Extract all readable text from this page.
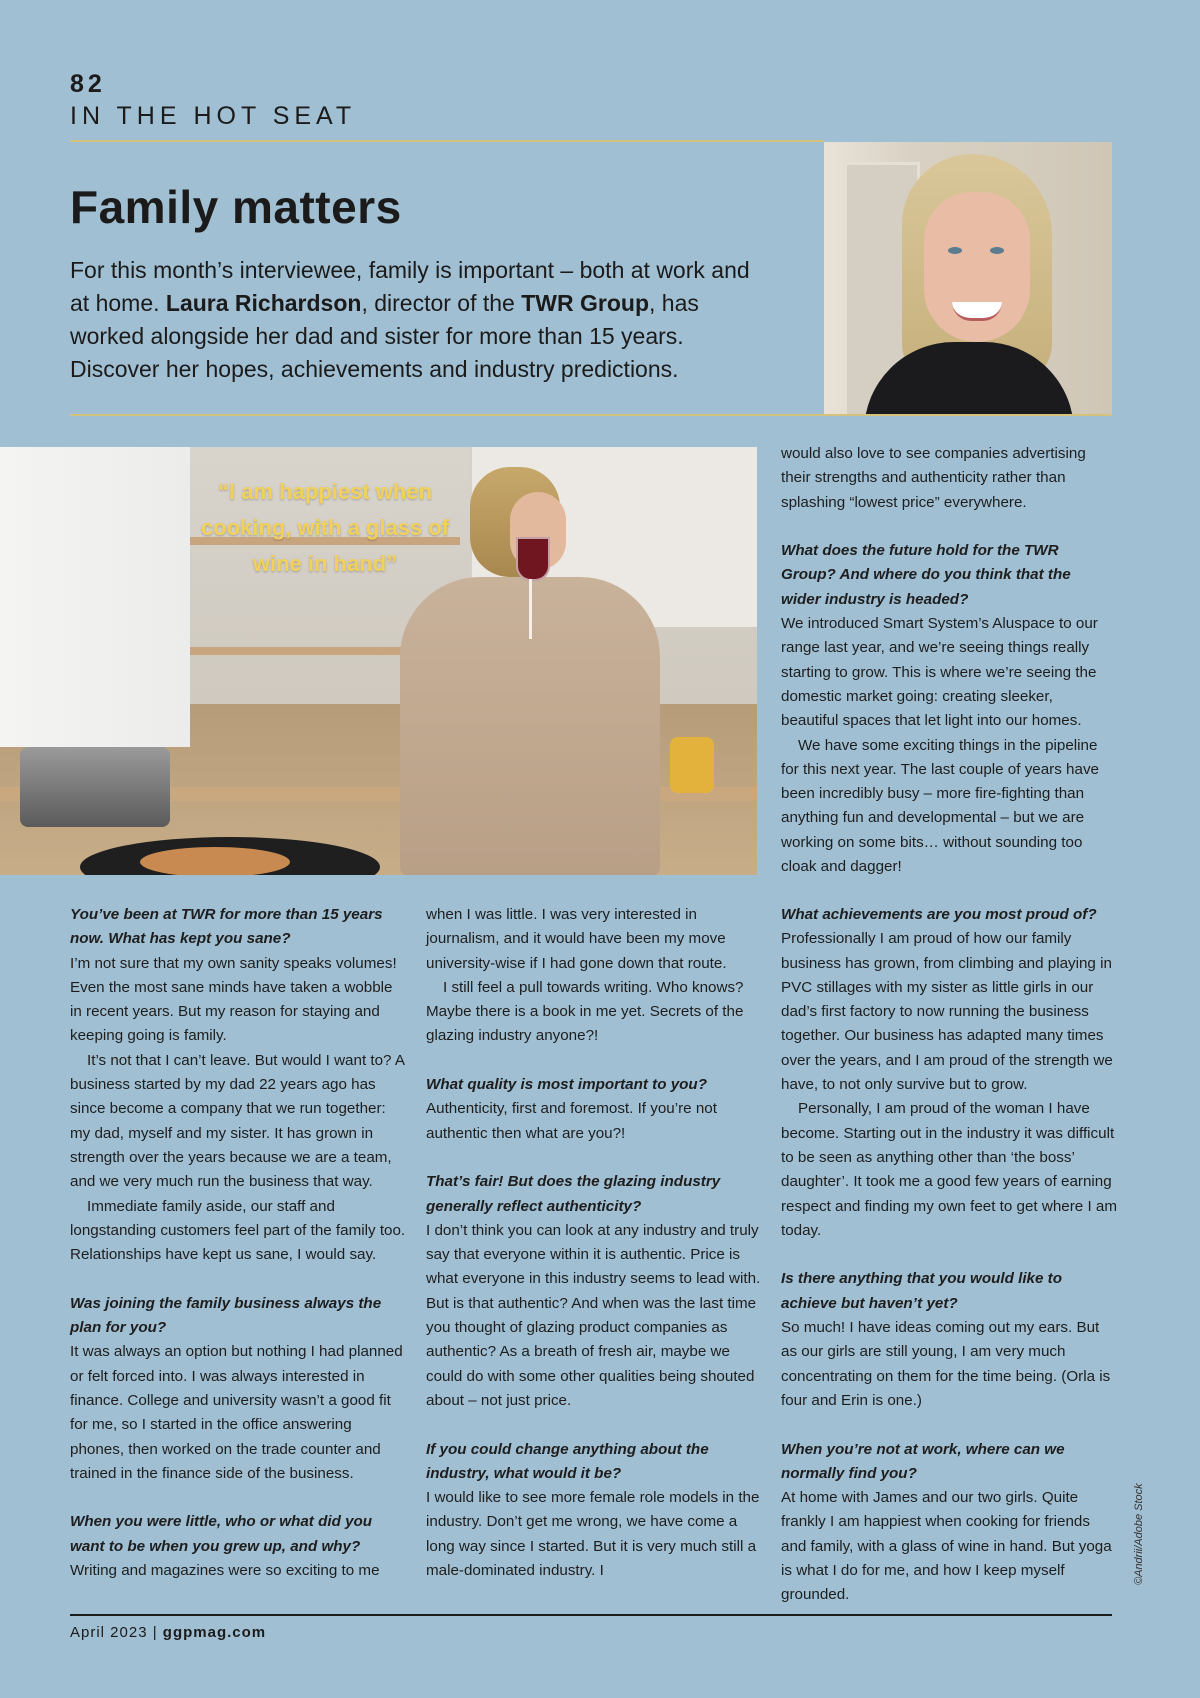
82
IN THE HOT SEAT
Family matters

For this month’s interviewee, family is important – both at work and at home. Laura Richardson, director of the TWR Group, has worked alongside her dad and sister for more than 15 years. Discover her hopes, achievements and industry predictions.

“I am happiest when cooking, with a glass of wine in hand”

would also love to see companies advertising their strengths and authenticity rather than splashing “lowest price” everywhere.

What does the future hold for the TWR Group? And where do you think that the wider industry is headed?

We introduced Smart System’s Aluspace to our range last year, and we’re seeing things really starting to grow. This is where we’re seeing the domestic market going: creating sleeker, beautiful spaces that let light into our homes.

We have some exciting things in the pipeline for this next year. The last couple of years have been incredibly busy – more fire-fighting than anything fun and developmental – but we are working on some bits… without sounding too cloak and dagger!

You’ve been at TWR for more than 15 years now. What has kept you sane?

I’m not sure that my own sanity speaks volumes! Even the most sane minds have taken a wobble in recent years. But my reason for staying and keeping going is family.

It’s not that I can’t leave. But would I want to? A business started by my dad 22 years ago has since become a company that we run together: my dad, myself and my sister. It has grown in strength over the years because we are a team, and we very much run the business that way.

Immediate family aside, our staff and longstanding customers feel part of the family too. Relationships have kept us sane, I would say.

Was joining the family business always the plan for you?

It was always an option but nothing I had planned or felt forced into. I was always interested in finance. College and university wasn’t a good fit for me, so I started in the office answering phones, then worked on the trade counter and trained in the finance side of the business.

When you were little, who or what did you want to be when you grew up, and why?

Writing and magazines were so exciting to me

when I was little. I was very interested in journalism, and it would have been my move university-wise if I had gone down that route.

I still feel a pull towards writing. Who knows? Maybe there is a book in me yet. Secrets of the glazing industry anyone?!

What quality is most important to you?

Authenticity, first and foremost. If you’re not authentic then what are you?!

That’s fair! But does the glazing industry generally reflect authenticity?

I don’t think you can look at any industry and truly say that everyone within it is authentic. Price is what everyone in this industry seems to lead with. But is that authentic? And when was the last time you thought of glazing product companies as authentic? As a breath of fresh air, maybe we could do with some other qualities being shouted about – not just price.

If you could change anything about the industry, what would it be?

I would like to see more female role models in the industry. Don’t get me wrong, we have come a long way since I started. But it is very much still a male-dominated industry. I

What achievements are you most proud of?

Professionally I am proud of how our family business has grown, from climbing and playing in PVC stillages with my sister as little girls in our dad’s first factory to now running the business together. Our business has adapted many times over the years, and I am proud of the strength we have, to not only survive but to grow.

Personally, I am proud of the woman I have become. Starting out in the industry it was difficult to be seen as anything other than ‘the boss’ daughter’. It took me a good few years of earning respect and finding my own feet to get where I am today.

Is there anything that you would like to achieve but haven’t yet?

So much! I have ideas coming out my ears. But as our girls are still young, I am very much concentrating on them for the time being. (Orla is four and Erin is one.)

When you’re not at work, where can we normally find you?

At home with James and our two girls. Quite frankly I am happiest when cooking for friends and family, with a glass of wine in hand. But yoga is what I do for me, and how I keep myself grounded.

©Andrii/Adobe Stock
April 2023 | ggpmag.com
